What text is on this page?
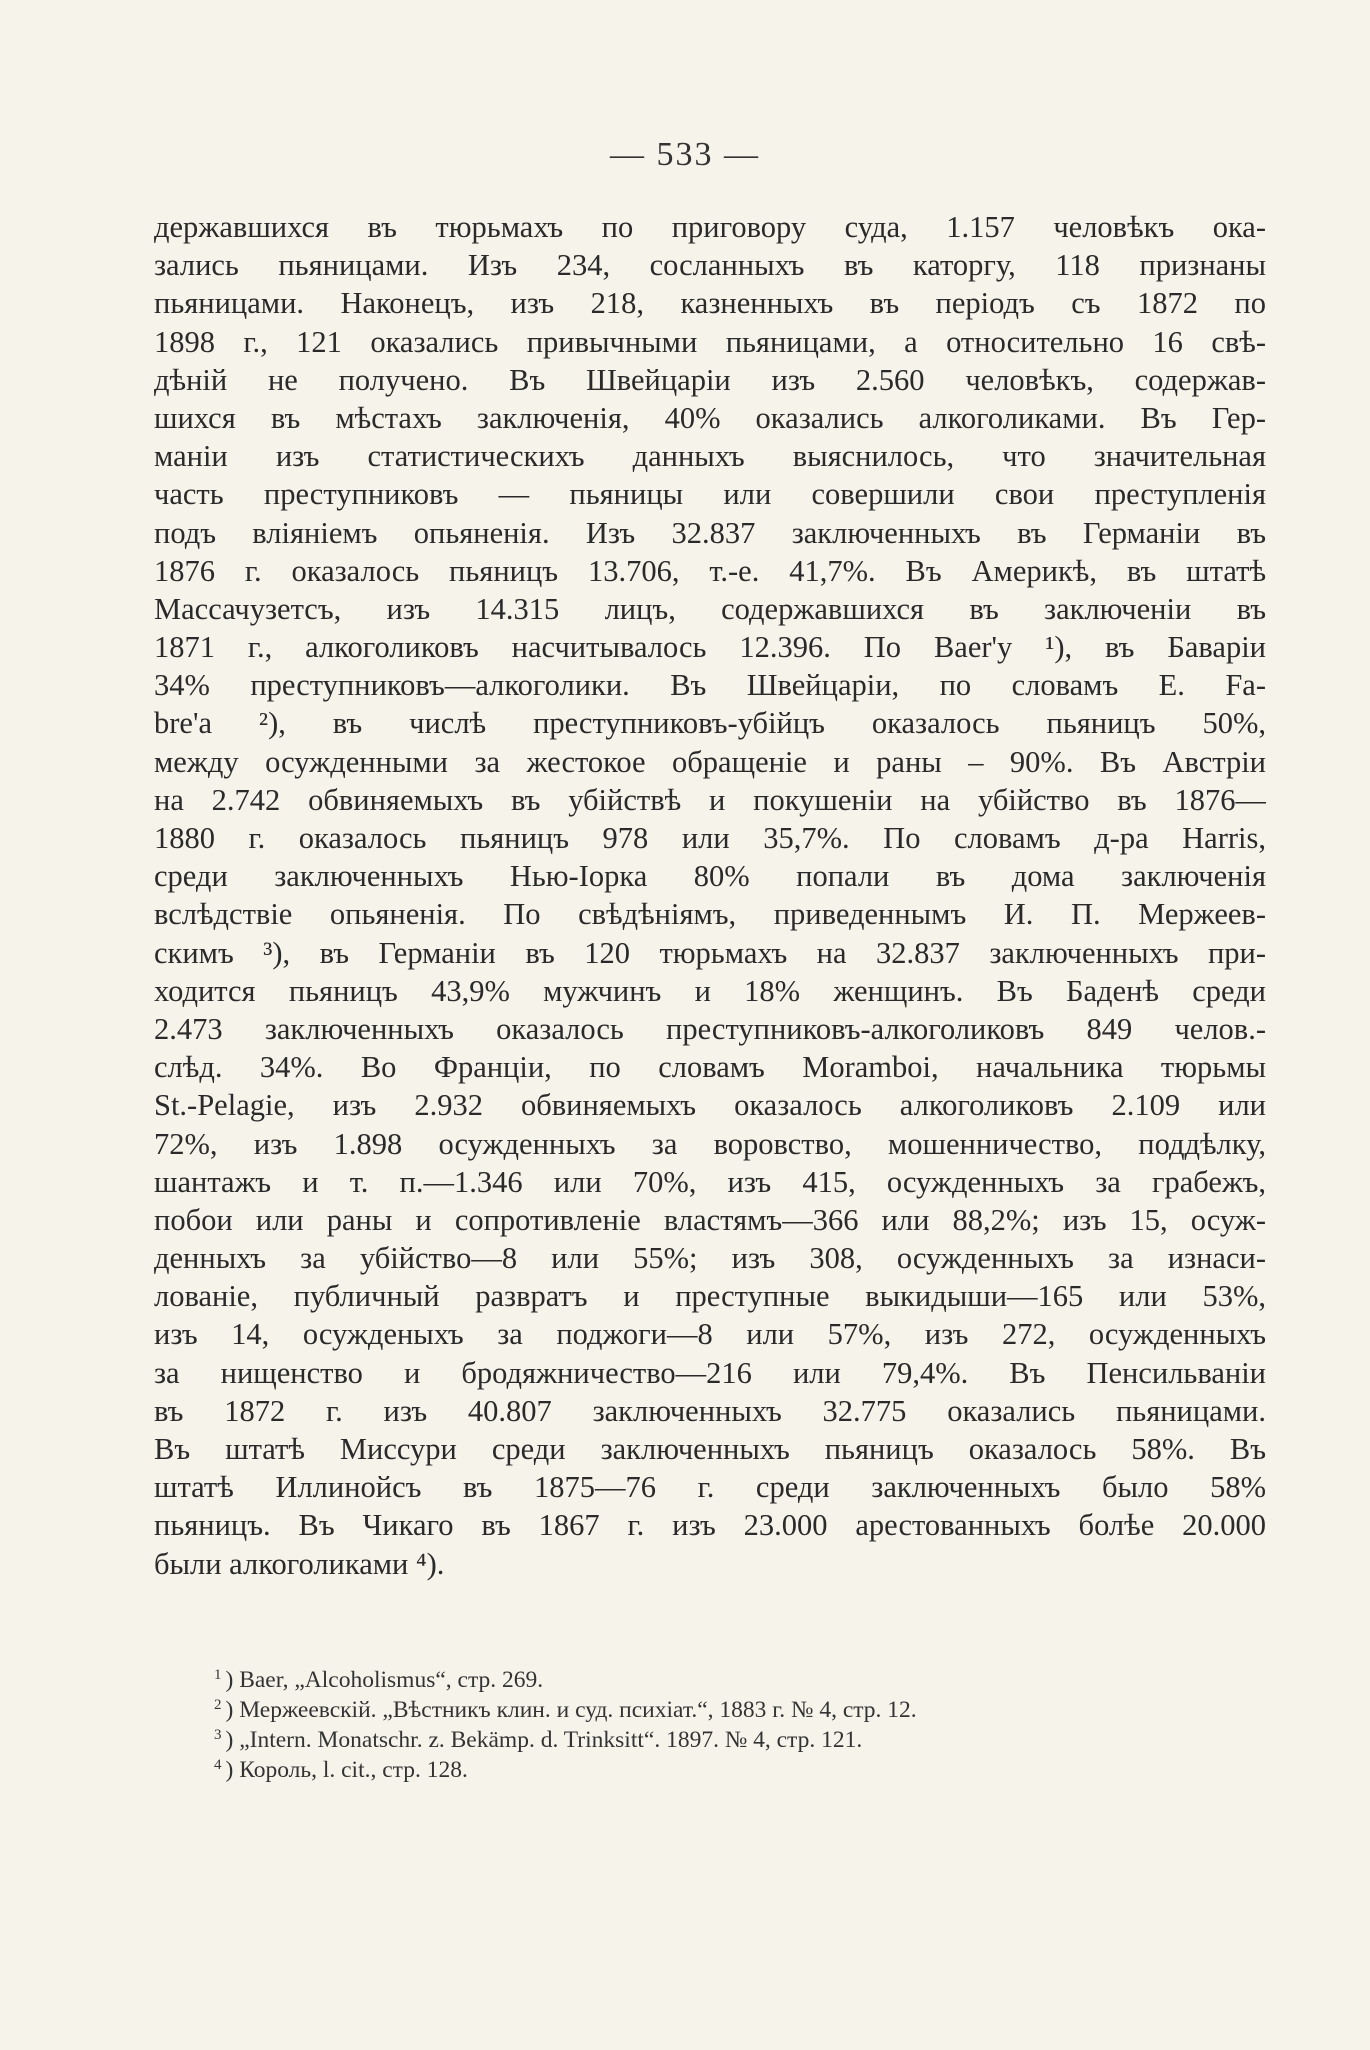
— 533 —
державшихся въ тюрьмахъ по приговору суда, 1.157 человѣкъ ока-
зались пьяницами. Изъ 234, сосланныхъ въ каторгу, 118 признаны
пьяницами. Наконецъ, изъ 218, казненныхъ въ періодъ съ 1872 по
1898 г., 121 оказались привычными пьяницами, а относительно 16 свѣ-
дѣній не получено. Въ Швейцаріи изъ 2.560 человѣкъ, содержав-
шихся въ мѣстахъ заключенія, 40% оказались алкоголиками. Въ Гер-
маніи изъ статистическихъ данныхъ выяснилось, что значительная
часть преступниковъ — пьяницы или совершили свои преступленія
подъ вліяніемъ опьяненія. Изъ 32.837 заключенныхъ въ Германіи въ
1876 г. оказалось пьяницъ 13.706, т.-е. 41,7%. Въ Америкѣ, въ штатѣ
Массачузетсъ, изъ 14.315 лицъ, содержавшихся въ заключеніи въ
1871 г., алкоголиковъ насчитывалось 12.396. По Baer'у ¹), въ Баваріи
34% преступниковъ—алкоголики. Въ Швейцаріи, по словамъ Е. Fa-
bre'а ²), въ числѣ преступниковъ-убійцъ оказалось пьяницъ 50%,
между осужденными за жестокое обращеніе и раны – 90%. Въ Австріи
на 2.742 обвиняемыхъ въ убійствѣ и покушеніи на убійство въ 1876—
1880 г. оказалось пьяницъ 978 или 35,7%. По словамъ д-ра Harris,
среди заключенныхъ Нью-Іорка 80% попали въ дома заключенія
вслѣдствіе опьяненія. По свѣдѣніямъ, приведеннымъ И. П. Мержеев-
скимъ ³), въ Германіи въ 120 тюрьмахъ на 32.837 заключенныхъ при-
ходится пьяницъ 43,9% мужчинъ и 18% женщинъ. Въ Баденѣ среди
2.473 заключенныхъ оказалось преступниковъ-алкоголиковъ 849 челов.-
слѣд. 34%. Во Франціи, по словамъ Moramboi, начальника тюрьмы
St.-Pelagie, изъ 2.932 обвиняемыхъ оказалось алкоголиковъ 2.109 или
72%, изъ 1.898 осужденныхъ за воровство, мошенничество, поддѣлку,
шантажъ и т. п.—1.346 или 70%, изъ 415, осужденныхъ за грабежъ,
побои или раны и сопротивленіе властямъ—366 или 88,2%; изъ 15, осуж-
денныхъ за убійство—8 или 55%; изъ 308, осужденныхъ за изнаси-
лованіе, публичный развратъ и преступные выкидыши—165 или 53%,
изъ 14, осужденыхъ за поджоги—8 или 57%, изъ 272, осужденныхъ
за нищенство и бродяжничество—216 или 79,4%. Въ Пенсильваніи
въ 1872 г. изъ 40.807 заключенныхъ 32.775 оказались пьяницами.
Въ штатѣ Миссури среди заключенныхъ пьяницъ оказалось 58%. Въ
штатѣ Иллинойсъ въ 1875—76 г. среди заключенныхъ было 58%
пьяницъ. Въ Чикаго въ 1867 г. изъ 23.000 арестованныхъ болѣе 20.000
были алкоголиками ⁴).
$^1$ ) Baer, „Alcoholismus“, стр. 269.
$^2$ ) Мержеевскій. „Вѣстникъ клин. и суд. психіат.“, 1883 г. № 4, стр. 12.
$^3$ ) „Intern. Monatschr. z. Bekämp. d. Trinksitt“. 1897. № 4, стр. 121.
$^4$ ) Король, l. cit., стр. 128.
